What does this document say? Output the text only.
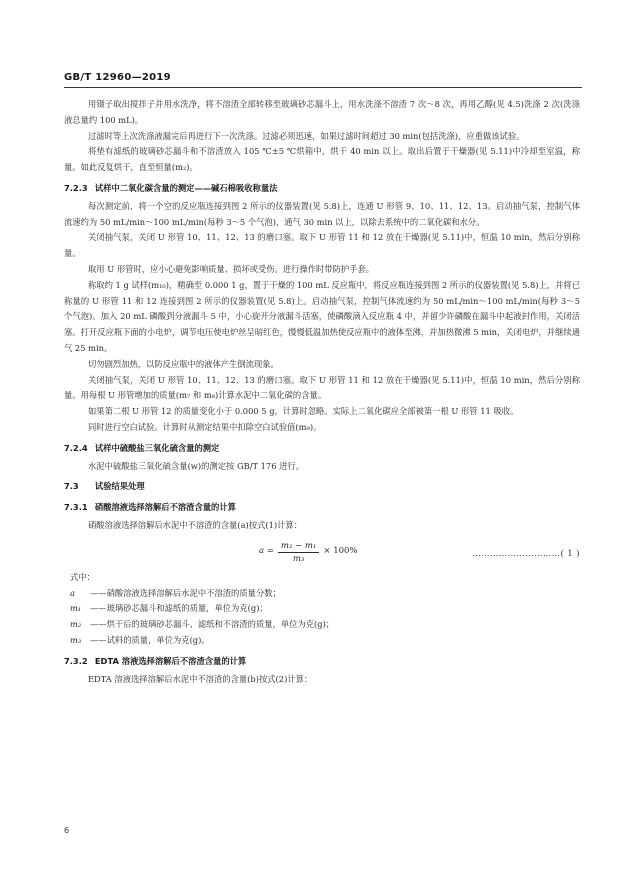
GB/T 12960—2019

用镊子取出搅拌子并用水洗净，将不溶渣全部转移至玻璃砂芯漏斗上，用水洗涤不溶渣 7 次～8 次，再用乙醇(见 4.5)洗涤 2 次(洗涤液总量约 100 mL)。

过滤时等上次洗涤液漏完后再进行下一次洗涤。过滤必须迅速，如果过滤时间超过 30 min(包括洗涤)，应重做该试验。

将垫有滤纸的玻璃砂芯漏斗和不溶渣放入 105 ℃±5 ℃烘箱中，烘干 40 min 以上。取出后置于干燥器(见 5.11)中冷却至室温，称量。如此反复烘干，直至恒量(m₂)。

7.2.3 试样中二氧化碳含量的测定——碱石棉吸收称量法

每次测定前，将一个空的反应瓶连接到图 2 所示的仪器装置(见 5.8)上，连通 U 形管 9、10、11、12、13。启动抽气泵，控制气体流速约为 50 mL/min～100 mL/min(每秒 3～5 个气泡)，通气 30 min 以上，以除去系统中的二氧化碳和水分。

关闭抽气泵，关闭 U 形管 10、11、12、13 的磨口塞。取下 U 形管 11 和 12 放在干燥器(见 5.11)中，恒温 10 min，然后分别称量。

取用 U 形管时，应小心避免影响质量、损坏或受伤。进行操作时带防护手套。

称取约 1 g 试样(m₁₀)，精确至 0.000 1 g，置于干燥的 100 mL 反应瓶中，将反应瓶连接到图 2 所示的仪器装置(见 5.8)上，并将已称量的 U 形管 11 和 12 连接到图 2 所示的仪器装置(见 5.8)上。启动抽气泵，控制气体流速约为 50 mL/min～100 mL/min(每秒 3～5 个气泡)。加入 20 mL 磷酸到分液漏斗 5 中，小心旋开分液漏斗活塞，使磷酸滴入反应瓶 4 中，并留少许磷酸在漏斗中起液封作用，关闭活塞。打开反应瓶下面的小电炉，调节电压使电炉丝呈暗红色，慢慢低温加热使反应瓶中的液体至沸，并加热微沸 5 min，关闭电炉，并继续通气 25 min。

切勿剧烈加热，以防反应瓶中的液体产生倒流现象。

关闭抽气泵，关闭 U 形管 10、11、12、13 的磨口塞。取下 U 形管 11 和 12 放在干燥器(见 5.11)中，恒温 10 min，然后分别称量。用每根 U 形管增加的质量(m₇ 和 m₈)计算水泥中二氧化碳的含量。

如果第二根 U 形管 12 的质量变化小于 0.000 5 g，计算时忽略。实际上二氧化碳应全部被第一根 U 形管 11 吸收。

同时进行空白试验。计算时从测定结果中扣除空白试验值(m₉)。

7.2.4 试样中硫酸盐三氧化硫含量的测定

水泥中硫酸盐三氧化硫含量(w)的测定按 GB/T 176 进行。

7.3 试验结果处理
7.3.1 硝酸溶液选择溶解后不溶渣含量的计算

硝酸溶液选择溶解后水泥中不溶渣的含量(a)按式(1)计算：

$a = \frac{\text{m₂ − m₁}}{\text{m₃}} \times 100\%$	…………………………( 1 )
式中：
a	——硝酸溶液选择溶解后水泥中不溶渣的质量分数；
m₁	——玻璃砂芯漏斗和滤纸的质量，单位为克(g)；
m₂	——烘干后的玻璃砂芯漏斗、滤纸和不溶渣的质量，单位为克(g)；
m₃	——试料的质量，单位为克(g)。
7.3.2 EDTA 溶液选择溶解后不溶渣含量的计算

EDTA 溶液选择溶解后水泥中不溶渣的含量(b)按式(2)计算：

6
